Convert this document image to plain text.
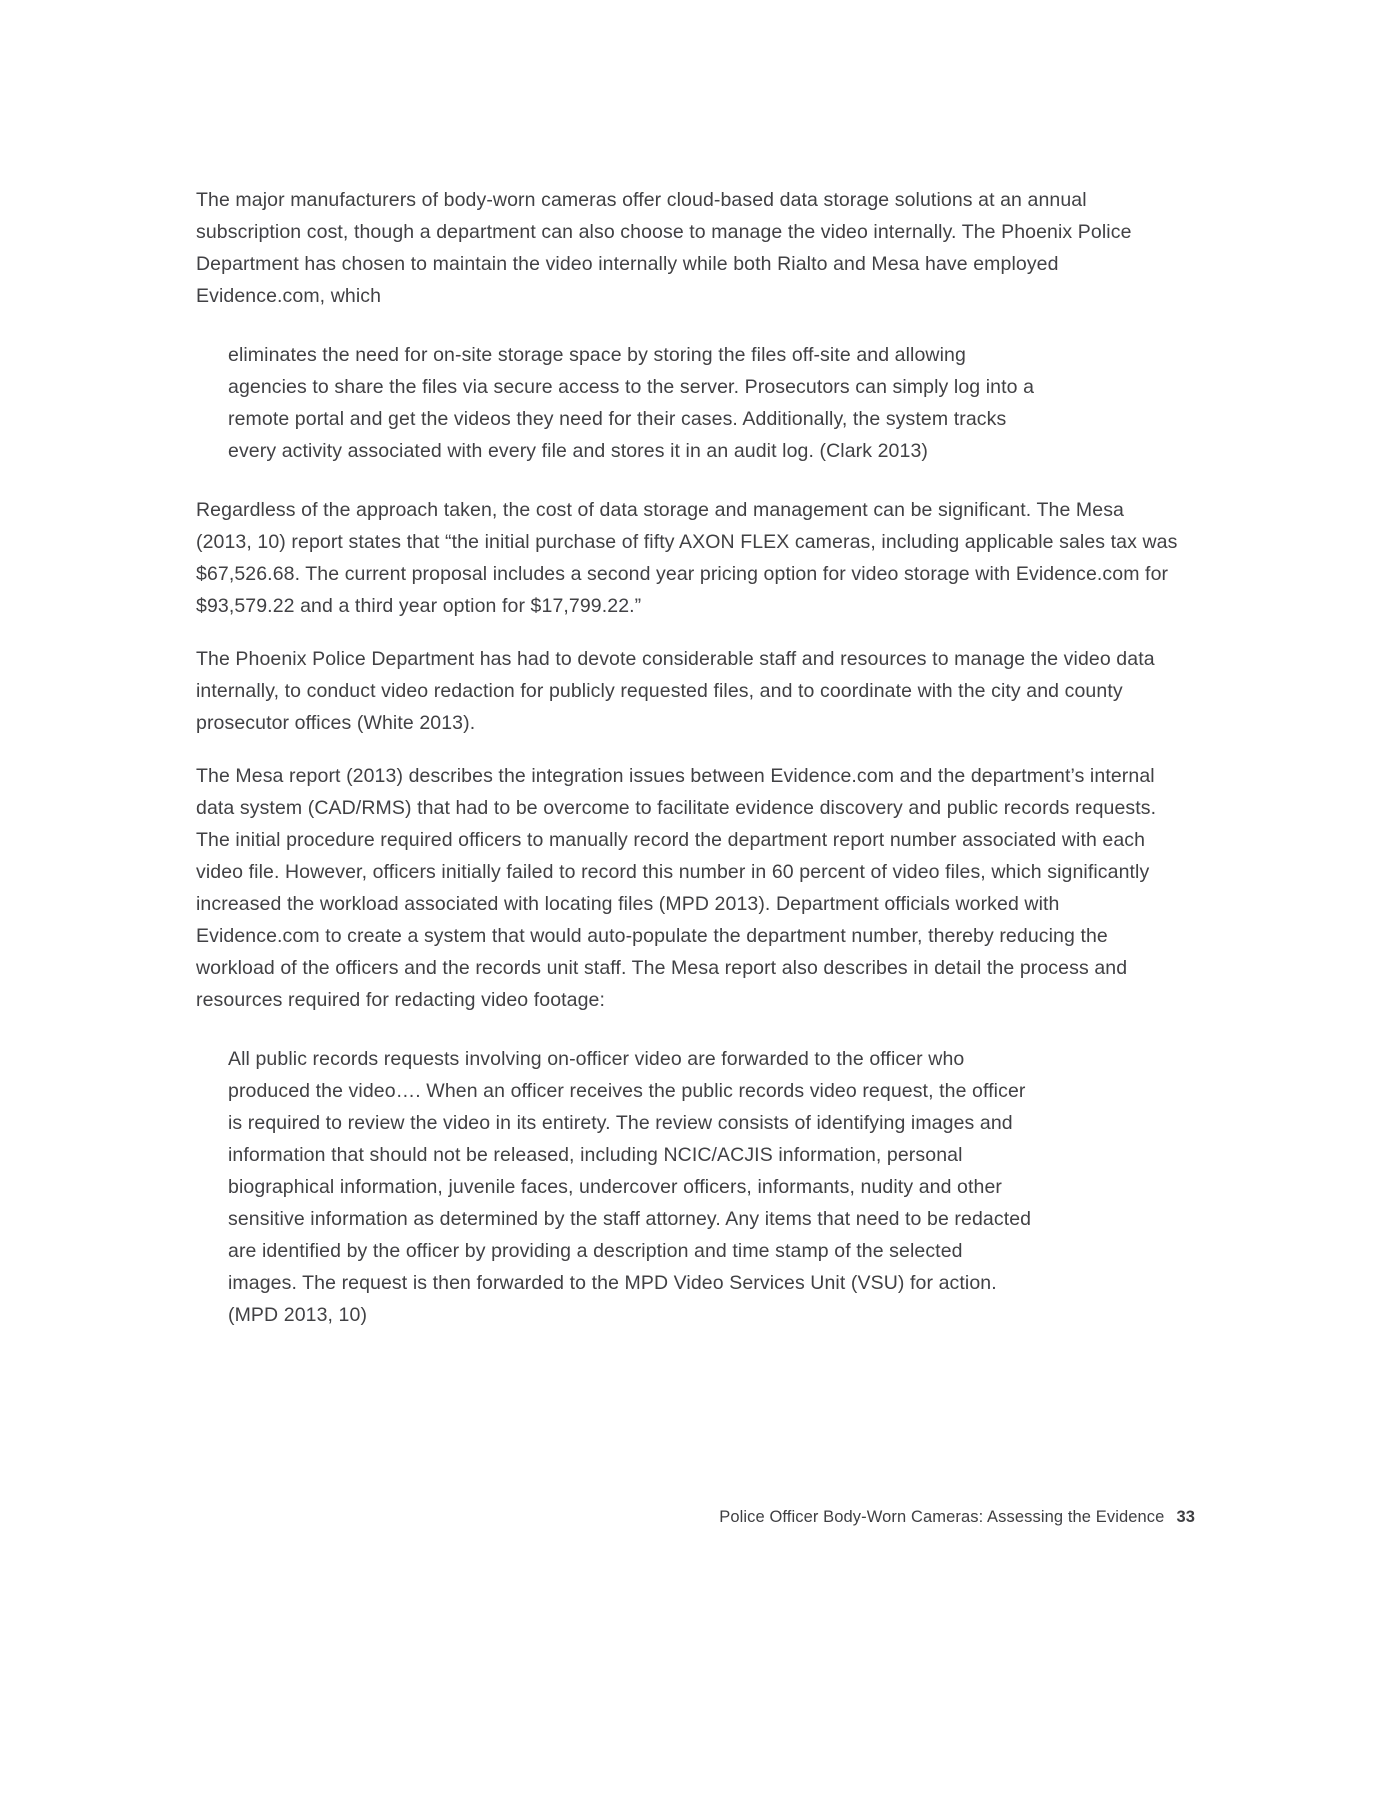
The major manufacturers of body-worn cameras offer cloud-based data storage solutions at an annual subscription cost, though a department can also choose to manage the video internally. The Phoenix Police Department has chosen to maintain the video internally while both Rialto and Mesa have employed Evidence.com, which

eliminates the need for on-site storage space by storing the files off-site and allowing agencies to share the files via secure access to the server. Prosecutors can simply log into a remote portal and get the videos they need for their cases. Additionally, the system tracks every activity associated with every file and stores it in an audit log. (Clark 2013)

Regardless of the approach taken, the cost of data storage and management can be significant. The Mesa (2013, 10) report states that “the initial purchase of fifty AXON FLEX cameras, including applicable sales tax was $67,526.68. The current proposal includes a second year pricing option for video storage with Evidence.com for $93,579.22 and a third year option for $17,799.22.”

The Phoenix Police Department has had to devote considerable staff and resources to manage the video data internally, to conduct video redaction for publicly requested files, and to coordinate with the city and county prosecutor offices (White 2013).

The Mesa report (2013) describes the integration issues between Evidence.com and the department’s internal data system (CAD/RMS) that had to be overcome to facilitate evidence discovery and public records requests. The initial procedure required officers to manually record the department report number associated with each video file. However, officers initially failed to record this number in 60 percent of video files, which significantly increased the workload associated with locating files (MPD 2013). Department officials worked with Evidence.com to create a system that would auto-populate the department number, thereby reducing the workload of the officers and the records unit staff. The Mesa report also describes in detail the process and resources required for redacting video footage:

All public records requests involving on-officer video are forwarded to the officer who produced the video…. When an officer receives the public records video request, the officer is required to review the video in its entirety. The review consists of identifying images and information that should not be released, including NCIC/ACJIS information, personal biographical information, juvenile faces, undercover officers, informants, nudity and other sensitive information as determined by the staff attorney. Any items that need to be redacted are identified by the officer by providing a description and time stamp of the selected images. The request is then forwarded to the MPD Video Services Unit (VSU) for action. (MPD 2013, 10)
Police Officer Body-Worn Cameras: Assessing the Evidence 33
